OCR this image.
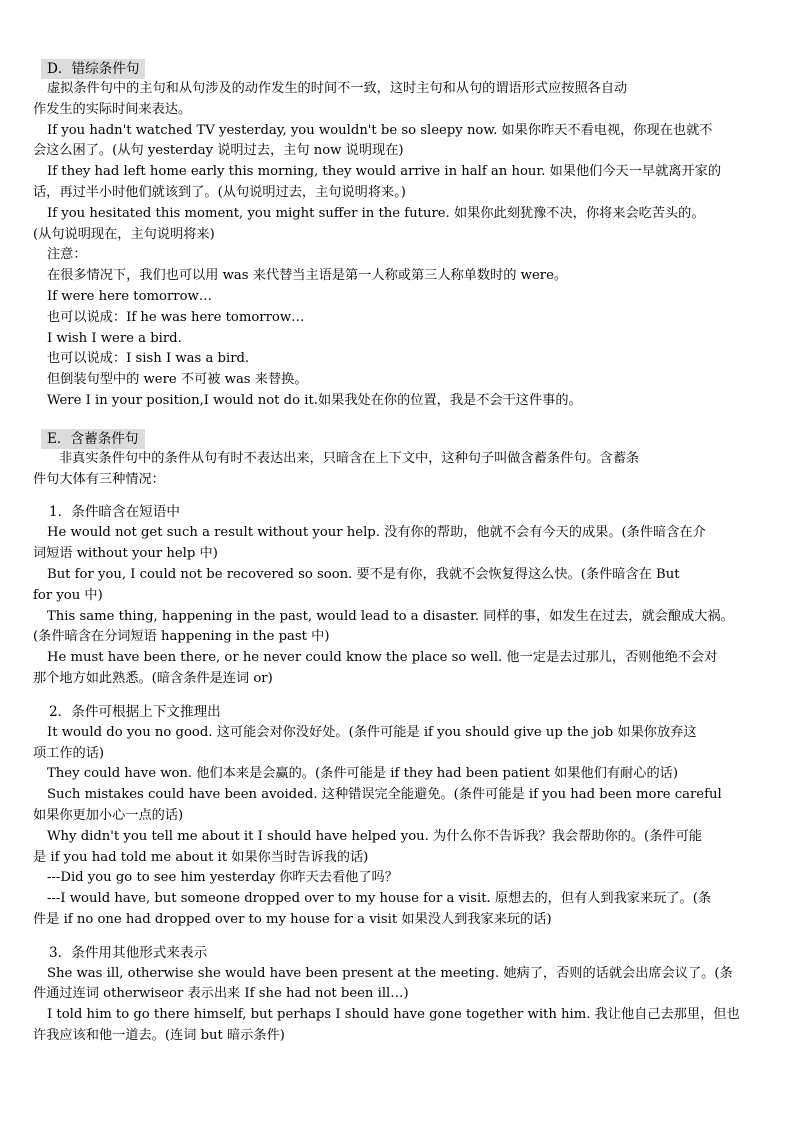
D．错综条件句
虚拟条件句中的主句和从句涉及的动作发生的时间不一致，这时主句和从句的谓语形式应按照各自动
作发生的实际时间来表达。
If you hadn't watched TV yesterday, you wouldn't be so sleepy now. 如果你昨天不看电视，你现在也就不
会这么困了。(从句 yesterday 说明过去，主句 now 说明现在)
If they had left home early this morning, they would arrive in half an hour. 如果他们今天一早就离开家的
话，再过半小时他们就该到了。(从句说明过去，主句说明将来。)
If you hesitated this moment, you might suffer in the future. 如果你此刻犹豫不决，你将来会吃苦头的。
(从句说明现在，主句说明将来)
注意：
在很多情况下，我们也可以用 was 来代替当主语是第一人称或第三人称单数时的 were。
If were here tomorrow…
也可以说成：If he was here tomorrow…
I wish I were a bird.
也可以说成：I sish I was a bird.
但倒装句型中的 were 不可被 was 来替换。
Were I in your position,I would not do it.如果我处在你的位置，我是不会干这件事的。
E．含蓄条件句
非真实条件句中的条件从句有时不表达出来，只暗含在上下文中，这种句子叫做含蓄条件句。含蓄条
件句大体有三种情况：
1．条件暗含在短语中
He would not get such a result without your help. 没有你的帮助，他就不会有今天的成果。(条件暗含在介
词短语 without your help 中)
But for you, I could not be recovered so soon. 要不是有你，我就不会恢复得这么快。(条件暗含在 But
for you 中)
This same thing, happening in the past, would lead to a disaster. 同样的事，如发生在过去，就会酿成大祸。
(条件暗含在分词短语 happening in the past 中)
He must have been there, or he never could know the place so well. 他一定是去过那儿，否则他绝不会对
那个地方如此熟悉。(暗含条件是连词 or)
2．条件可根据上下文推理出
It would do you no good. 这可能会对你没好处。(条件可能是 if you should give up the job 如果你放弃这
项工作的话)
They could have won. 他们本来是会赢的。(条件可能是 if they had been patient 如果他们有耐心的话)
Such mistakes could have been avoided. 这种错误完全能避免。(条件可能是 if you had been more careful
如果你更加小心一点的话)
Why didn't you tell me about it I should have helped you. 为什么你不告诉我？我会帮助你的。(条件可能
是 if you had told me about it 如果你当时告诉我的话)
---Did you go to see him yesterday 你昨天去看他了吗？
---I would have, but someone dropped over to my house for a visit. 原想去的，但有人到我家来玩了。(条
件是 if no one had dropped over to my house for a visit 如果没人到我家来玩的话)
3．条件用其他形式来表示
She was ill, otherwise she would have been present at the meeting. 她病了，否则的话就会出席会议了。(条
件通过连词 otherwiseor 表示出来 If she had not been ill…)
I told him to go there himself, but perhaps I should have gone together with him. 我让他自己去那里，但也
许我应该和他一道去。(连词 but 暗示条件)
